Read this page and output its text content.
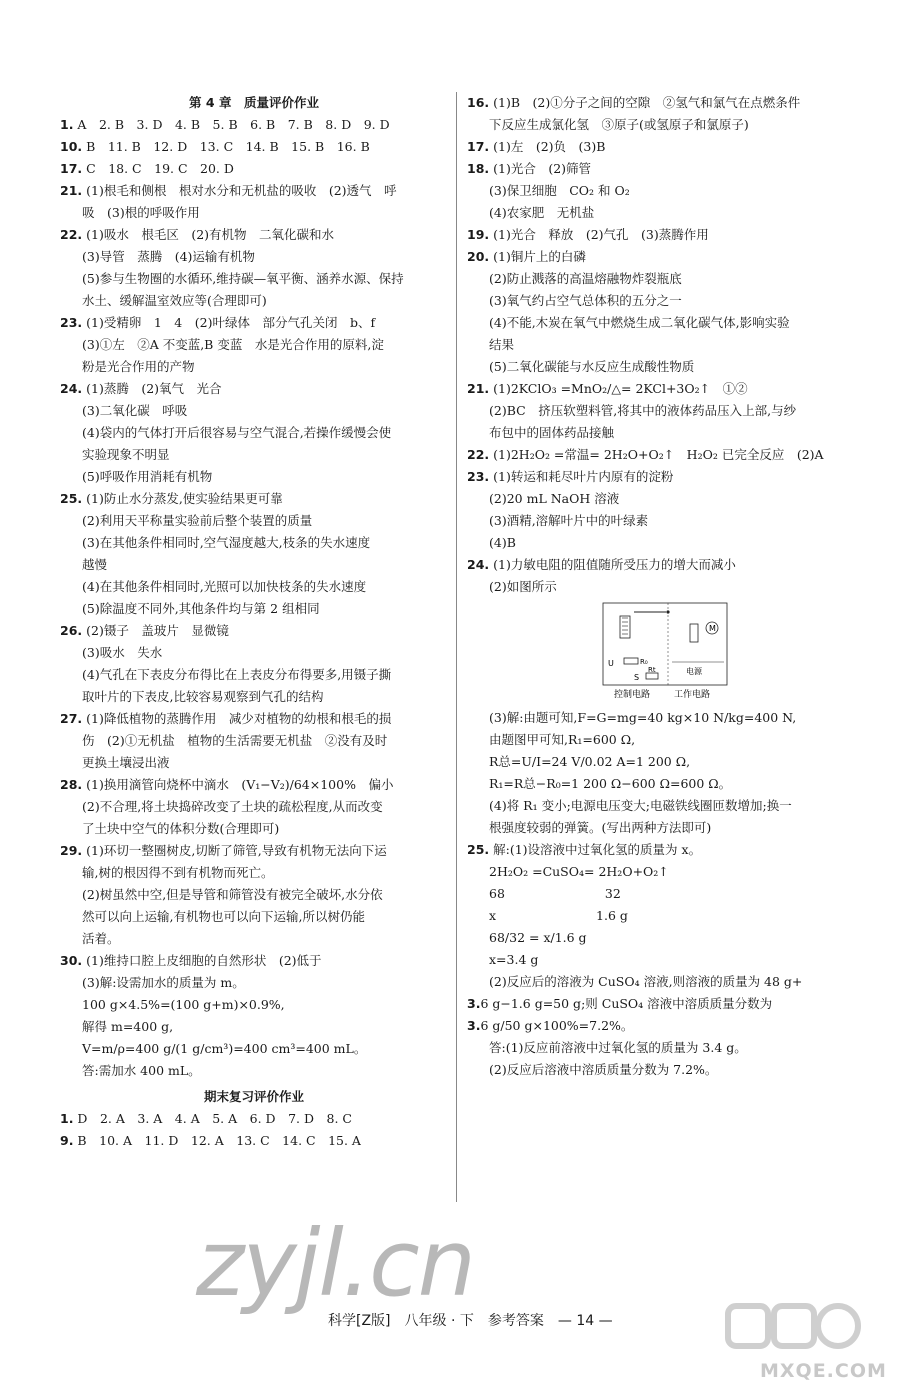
第 4 章　质量评价作业
1. A　2. B　3. D　4. B　5. B　6. B　7. B　8. D　9. D
10. B　11. B　12. D　13. C　14. B　15. B　16. B
17. C　18. C　19. C　20. D
21. (1)根毛和侧根　根对水分和无机盐的吸收　(2)透气　呼
吸　(3)根的呼吸作用
22. (1)吸水　根毛区　(2)有机物　二氧化碳和水
(3)导管　蒸腾　(4)运输有机物
(5)参与生物圈的水循环,维持碳—氧平衡、涵养水源、保持
水土、缓解温室效应等(合理即可)
23. (1)受精卵　1　4　(2)叶绿体　部分气孔关闭　b、f
(3)①左　②A 不变蓝,B 变蓝　水是光合作用的原料,淀
粉是光合作用的产物
24. (1)蒸腾　(2)氧气　光合
(3)二氧化碳　呼吸
(4)袋内的气体打开后很容易与空气混合,若操作缓慢会使
实验现象不明显
(5)呼吸作用消耗有机物
25. (1)防止水分蒸发,使实验结果更可靠
(2)利用天平称量实验前后整个装置的质量
(3)在其他条件相同时,空气湿度越大,枝条的失水速度
越慢
(4)在其他条件相同时,光照可以加快枝条的失水速度
(5)除温度不同外,其他条件均与第 2 组相同
26. (2)镊子　盖玻片　显微镜
(3)吸水　失水
(4)气孔在下表皮分布得比在上表皮分布得要多,用镊子撕
取叶片的下表皮,比较容易观察到气孔的结构
27. (1)降低植物的蒸腾作用　减少对植物的幼根和根毛的损
伤　(2)①无机盐　植物的生活需要无机盐　②没有及时
更换土壤浸出液
28. (1)换用滴管向烧杯中滴水　(V₁−V₂)/64×100%　偏小
(2)不合理,将土块捣碎改变了土块的疏松程度,从而改变
了土块中空气的体积分数(合理即可)
29. (1)环切一整圈树皮,切断了筛管,导致有机物无法向下运
输,树的根因得不到有机物而死亡。
(2)树虽然中空,但是导管和筛管没有被完全破坏,水分依
然可以向上运输,有机物也可以向下运输,所以树仍能
活着。
30. (1)维持口腔上皮细胞的自然形状　(2)低于
(3)解:设需加水的质量为 m。
100 g×4.5%=(100 g+m)×0.9%,
解得 m=400 g,
V=m/ρ=400 g/(1 g/cm³)=400 cm³=400 mL。
答:需加水 400 mL。
期末复习评价作业
1. D　2. A　3. A　4. A　5. A　6. D　7. D　8. C
9. B　10. A　11. D　12. A　13. C　14. C　15. A
16. (1)B　(2)①分子之间的空隙　②氢气和氯气在点燃条件
下反应生成氯化氢　③原子(或氢原子和氯原子)
17. (1)左　(2)负　(3)B
18. (1)光合　(2)筛管
(3)保卫细胞　CO₂ 和 O₂
(4)农家肥　无机盐
19. (1)光合　释放　(2)气孔　(3)蒸腾作用
20. (1)铜片上的白磷
(2)防止溅落的高温熔融物炸裂瓶底
(3)氧气约占空气总体积的五分之一
(4)不能,木炭在氧气中燃烧生成二氧化碳气体,影响实验
结果
(5)二氧化碳能与水反应生成酸性物质
21. (1)2KClO₃ =MnO₂/△= 2KCl+3O₂↑　①②
(2)BC　挤压软塑料管,将其中的液体药品压入上部,与纱
布包中的固体药品接触
22. (1)2H₂O₂ =常温= 2H₂O+O₂↑　H₂O₂ 已完全反应　(2)A
23. (1)转运和耗尽叶片内原有的淀粉
(2)20 mL NaOH 溶液
(3)酒精,溶解叶片中的叶绿素
(4)B
24. (1)力敏电阻的阻值随所受压力的增大而减小
(2)如图所示
M
U	R₀
S
Rt	电源
控制电路	工作电路
(3)解:由题可知,F=G=mg=40 kg×10 N/kg=400 N,
由题图甲可知,R₁=600 Ω,
R总=U/I=24 V/0.02 A=1 200 Ω,
R₁=R总−R₀=1 200 Ω−600 Ω=600 Ω。
(4)将 R₁ 变小;电源电压变大;电磁铁线圈匝数增加;换一
根强度较弱的弹簧。(写出两种方法即可)
25. 解:(1)设溶液中过氧化氢的质量为 x。
2H₂O₂ =CuSO₄= 2H₂O+O₂↑
68　　　　　　　　32
x　　　　　　　　1.6 g
68/32 = x/1.6 g
x=3.4 g
(2)反应后的溶液为 CuSO₄ 溶液,则溶液的质量为 48 g+
3.6 g−1.6 g=50 g;则 CuSO₄ 溶液中溶质质量分数为
3.6 g/50 g×100%=7.2%。
答:(1)反应前溶液中过氧化氢的质量为 3.4 g。
(2)反应后溶液中溶质质量分数为 7.2%。
zyjl.cn
科学[Z版]　八年级 · 下　参考答案　— 14 —
MXQE.COM
